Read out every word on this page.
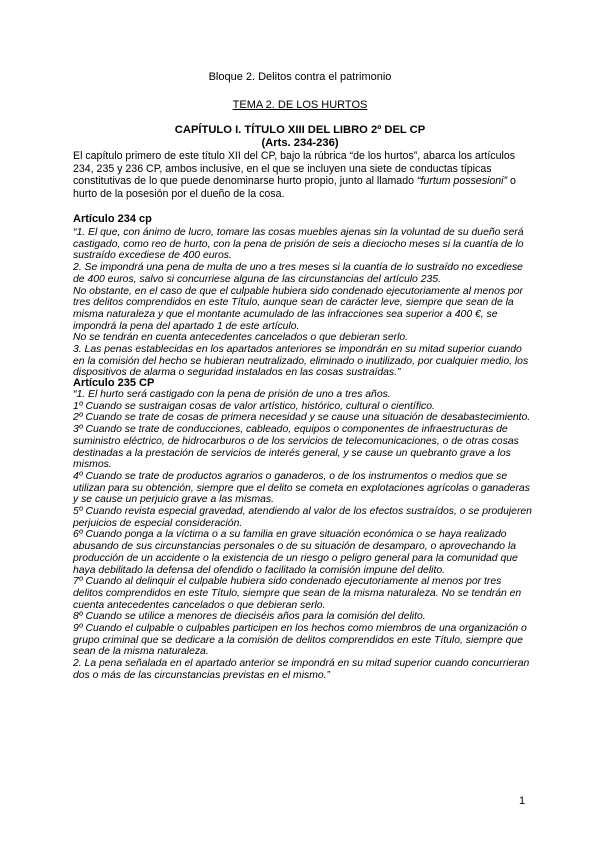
Bloque 2. Delitos contra el patrimonio
TEMA 2. DE LOS HURTOS
CAPÍTULO I. TÍTULO XIII DEL LIBRO 2º DEL CP
(Arts. 234-236)

El capítulo primero de este título XII del CP, bajo la rúbrica “de los hurtos”, abarca los artículos 234, 235 y 236 CP, ambos inclusive, en el que se incluyen una siete de conductas típicas constitutivas de lo que puede denominarse hurto propio, junto al llamado “furtum possesioni” o hurto de la posesión por el dueño de la cosa.

Artículo 234 cp

“1. El que, con ánimo de lucro, tomare las cosas muebles ajenas sin la voluntad de su dueño será castigado, como reo de hurto, con la pena de prisión de seis a dieciocho meses si la cuantía de lo sustraído excediese de 400 euros.

2. Se impondrá una pena de multa de uno a tres meses si la cuantía de lo sustraído no excediese de 400 euros, salvo si concurriese alguna de las circunstancias del artículo 235.

No obstante, en el caso de que el culpable hubiera sido condenado ejecutoriamente al menos por tres delitos comprendidos en este Título, aunque sean de carácter leve, siempre que sean de la misma naturaleza y que el montante acumulado de las infracciones sea superior a 400 €, se impondrá la pena del apartado 1 de este artículo.

No se tendrán en cuenta antecedentes cancelados o que debieran serlo.

3. Las penas establecidas en los apartados anteriores se impondrán en su mitad superior cuando en la comisión del hecho se hubieran neutralizado, eliminado o inutilizado, por cualquier medio, los dispositivos de alarma o seguridad instalados en las cosas sustraídas.”

Artículo 235 CP

“1. El hurto será castigado con la pena de prisión de uno a tres años.

1º Cuando se sustraigan cosas de valor artístico, histórico, cultural o científico.

2º Cuando se trate de cosas de primera necesidad y se cause una situación de desabastecimiento.

3º Cuando se trate de conducciones, cableado, equipos o componentes de infraestructuras de suministro eléctrico, de hidrocarburos o de los servicios de telecomunicaciones, o de otras cosas destinadas a la prestación de servicios de interés general, y se cause un quebranto grave a los mismos.

4º Cuando se trate de productos agrarios o ganaderos, o de los instrumentos o medios que se utilizan para su obtención, siempre que el delito se cometa en explotaciones agrícolas o ganaderas y se cause un perjuicio grave a las mismas.

5º Cuando revista especial gravedad, atendiendo al valor de los efectos sustraídos, o se produjeren perjuicios de especial consideración.

6º Cuando ponga a la víctima o a su familia en grave situación económica o se haya realizado abusando de sus circunstancias personales o de su situación de desamparo, o aprovechando la producción de un accidente o la existencia de un riesgo o peligro general para la comunidad que haya debilitado la defensa del ofendido o facilitado la comisión impune del delito.

7º Cuando al delinquir el culpable hubiera sido condenado ejecutoriamente al menos por tres delitos comprendidos en este Título, siempre que sean de la misma naturaleza. No se tendrán en cuenta antecedentes cancelados o que debieran serlo.

8º Cuando se utilice a menores de dieciséis años para la comisión del delito.

9º Cuando el culpable o culpables participen en los hechos como miembros de una organización o grupo criminal que se dedicare a la comisión de delitos comprendidos en este Título, siempre que sean de la misma naturaleza.

2. La pena señalada en el apartado anterior se impondrá en su mitad superior cuando concurrieran dos o más de las circunstancias previstas en el mismo.”

1
